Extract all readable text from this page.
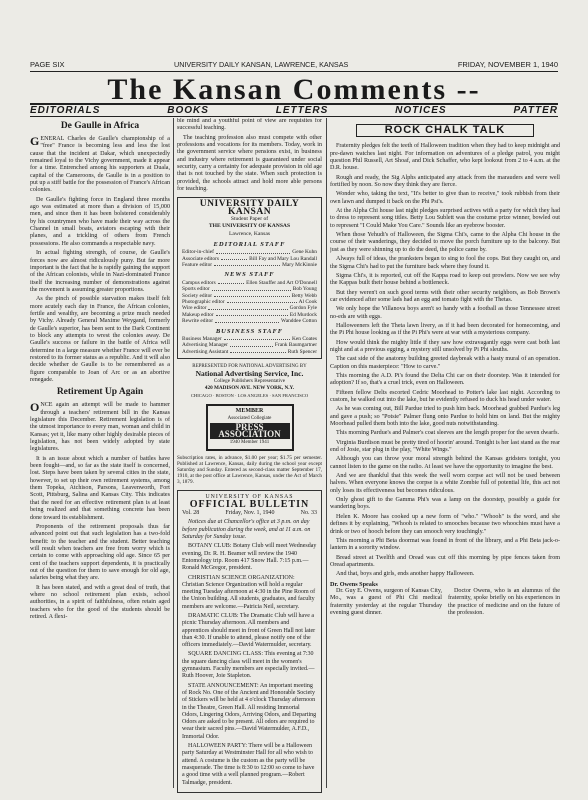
PAGE SIX	UNIVERSITY DAILY KANSAN, LAWRENCE, KANSAS	FRIDAY, NOVEMBER 1, 1940
The Kansan Comments --
EDITORIALS	BOOKS	LETTERS	NOTICES	PATTER
De Gaulle in Africa

GENERAL Charles de Gaulle's championship of a "free" France is becoming less and less the lost cause that the incident at Dakar, which unexpectedly remained loyal to the Vichy government, made it appear for a time. Entrenched among his supporters at Duala, capital of the Cameroons, de Gaulle is in a position to put up a stiff battle for the possession of France's African colonies.

De Gaulle's fighting force in England three months ago was estimated at more than a division of 15,000 men, and since then it has been bolstered considerably by his countrymen who have made their way across the Channel in small boats, aviators escaping with their planes, and a trickling of others from French possessions. He also commands a respectable navy.

In actual fighting strength, of course, de Gaulle's forces now are almost ridiculously puny. But far more important is the fact that he is rapidly gaining the support of the African colonists, while in Nazi-dominated France itself the increasing number of demonstrations against the movement is assuming greater proportions.

As the pinch of possible starvation makes itself felt more acutely each day in France, the African colonies, fertile and wealthy, are becoming a prize much needed by Vichy. Already General Maxime Weygand, formerly de Gaulle's superior, has been sent to the Dark Continent to block any attempts to wrest the colonies away. De Gaulle's success or failure in the battle of Africa will determine in a large measure whether France will ever be restored to its former status as a republic. And it will also decide whether de Gaulle is to be remembered as a figure comparable to Joan of Arc or as an abortive renegade.

Retirement Up Again

ONCE again an attempt will be made to hammer through a teachers' retirement bill in the Kansas legislature this December. Retirement legislation is of the utmost importance to every man, woman and child in Kansas; yet it, like many other highly desirable pieces of legislation, has not been widely adopted by state legislatures.

It is an issue about which a number of battles have been fought—and, so far as the state itself is concerned, lost. Steps have been taken by several cities in the state, however, to set up their own retirement systems, among them Topeka, Atchison, Parsons, Leavenworth, Fort Scott, Pittsburg, Salina and Kansas City. This indicates that the need for an effective retirement plan is at least being realized and that something concrete has been done toward its establishment.

Proponents of the retirement proposals thus far advanced point out that such legislation has a two-fold benefit: to the teacher and the student. Better teaching will result when teachers are free from worry which is certain to come with approaching old age. Since 65 per cent of the teachers support dependents, it is practically out of the question for them to save enough for old age, salaries being what they are.

It has been stated, and with a great deal of truth, that where no school retirement plan exists, school authorities, in a spirit of faithfulness, often retain aged teachers who for the good of the students should be retired. A flexi-

ble mind and a youthful point of view are requisites for successful teaching.

The teaching profession also must compete with other professions and vocations for its members. Today, work in the government service where pensions exist, in business and industry where retirement is guaranteed under social security, carry a certainty for adequate provision in old age that is not touched by the state. When such protection is provided, the schools attract and hold more able persons for teaching.

UNIVERSITY DAILY KANSAN
Student Paper of
THE UNIVERSITY OF KANSAS
Lawrence, Kansas
EDITORIAL STAFF
Editor-in-chief	Gene Kuhn
Associate editors	Bill Fay and Mary Lou Randall
Feature editor	Mary McKinnie
NEWS STAFF
Campus editors	Ellen Stauffer and Art O'Donnell
Sports editor	Bob Young
Society editor	Betty Webb
Photographic editor	Al Cook
Wire editor	Gordon Fyle
Makeup editor	Ed Murdock
Rewrite editor	Wanddee Cotton
BUSINESS STAFF
Business Manager	Ken Coates
Advertising Manager	Frank Baumgartner
Advertising Assistant	Ruth Spencer
REPRESENTED FOR NATIONAL ADVERTISING BY
National Advertising Service, Inc.
College Publishers Representative
420 MADISON AVE. NEW YORK, N.Y.
CHICAGO · BOSTON · LOS ANGELES · SAN FRANCISCO
MEMBER
Associated Collegiate
PRESS ASSOCIATION
1940 Member 1941

Subscription rates, in advance, $1.00 per year; $1.75 per semester. Published at Lawrence, Kansas, daily during the school year except Saturday and Sunday. Entered as second-class matter September 17, 1910, at the post office at Lawrence, Kansas, under the Act of March 3, 1879.

UNIVERSITY OF KANSAS
OFFICIAL BULLETIN
Vol. 28	Friday, Nov. 1, 1940	No. 33

Notices due at Chancellor's office at 3 p.m. on day before publication during the week, and at 11 a.m. on Saturday for Sunday issue.

BOTANY CLUB: Botany Club will meet Wednesday evening, Dr. R. H. Beamer will review the 1940 Entomology trip. Room 417 Snow Hall. 7:15 p.m.—Ronald McGregor, president.

CHRISTIAN SCIENCE ORGANIZATION: Christian Science Organization will hold a regular meeting Tuesday afternoon at 4:30 in the Pine Room of the Union building. All students, graduates, and faculty members are welcome.—Patricia Neil, secretary.

DRAMATIC CLUB: The Dramatic Club will have a picnic Thursday afternoon. All members and apprentices should meet in front of Green Hall not later than 4:30. If unable to attend, please notify one of the officers immediately.—David Watermulder, secretary.

SQUARE DANCING CLASS: This evening at 7:30 the square dancing class will meet in the women's gymnasium. Faculty members are especially invited.—Ruth Hoover, Joie Stapleton.

STATE ANNOUNCEMENT: An important meeting of Rock No. One of the Ancient and Honorable Society of Stickers will be held at 4 o'clock Thursday afternoon in the Theatre, Green Hall. All residing Immortal Odors, Lingering Odors, Arriving Odors, and Departing Odors are asked to be present. All odors are required to wear their sacred pins.—David Watermulder, A.F.D., Immortal Odor.

HALLOWEEN PARTY: There will be a Halloween party Saturday at Westminster Hall for all who wish to attend. A costume is the custom as the party will be masquerade. The time is 8:30 to 12:00 so come to have a good time with a well planned program.—Robert Talmadge, president.

ROCK CHALK TALK

Fraternity pledges felt the teeth of Halloween tradition when they had to keep midnight and pre-dawn watches last night. For information on adventures of a pledge patrol, you might question Phil Russell, Art Shoaf, and Dick Schaffer, who kept lookout from 2 to 4 a.m. at the D.R. house.

Rough and ready, the Sig Alphs anticipated any attack from the marauders and were well fortified by noon. So now they think they are fierce.

Wonder who, taking the text, "It's better to give than to receive," took rubbish from their own lawn and dumped it back on the Phi Psi's.

At the Alpha Chi house last night pledges surprised actives with a party for which they had to dress to represent song titles. Betty Lou Sublett was the costume prize winner, bowled out to represent "I Could Make You Care." Sounds like an eyebrow booster.

When those Yehudi's of Halloween, the Sigma Chi's, came to the Alpha Chi house in the course of their wanderings, they decided to move the porch furniture up to the balcony. But just as they were shinning up to do the deed, the police came by.

Always full of ideas, the pranksters began to sing to fool the cops. But they caught on, and the Sigma Chi's had to put the furniture back where they found it.

Sigma Chi's, it is reported, cut off the Kappa road to keep out prowlers. Now we see why the Kappas built their house behind a bottleneck.

But they weren't on such good terms with their other security neighbors, as Bob Brown's car evidenced after some lads had an egg and tomato fight with the Thetas.

We only hope the Villanova boys aren't so handy with a football as those Tennessee street no-eds are with eggs.

Halloweeners left the Theta lawn livery, as if it had been decorated for homecoming, and the Pi Phi house looking as if the Pi Phi's were at war with a mysterious company.

How would think the mighty little if they saw how extravagantly eggs were cast both last night and at a previous egging, a mystery still unsolved by Pi Phi sleuths.

The cast side of the anatomy building greeted daybreak with a hasty mural of an operation. Caption on this masterpiece: "How to carve."

This morning the A.D. Pi's found the Delta Chi car on their doorstep. Was it intended for adoption? If so, that's a cruel trick, even on Halloween.

Fifteen fellow Delts escorted Cedric Moorhead to Potter's lake last night. According to custom, he walked out into the lake, but he evidently refused to duck his head under water.

As he was coming out, Bill Pardue tried to push him back. Moorhead grabbed Pardue's leg and gave a push; so "Potsie" Palmer flung onto Pardue to hold him on land. But the mighty Moorhead pulled them both into the lake, good nuts notwithstanding.

This morning Pardue's and Palmer's coat sleeves are the length proper for the seven dwarfs.

Virginia Burdison must be pretty tired of hoorin' around. Tonight is her last stand as the rear end of Josie, star plug in the play, "White Wings."

Although you can throw your moral strength behind the Kansas gridsters tonight, you cannot listen to the game on the radio. At least we have the opportunity to imagine the best.

And we are thankful that this week the well worn corpse act will not be used between halves. When everyone knows the corpse is a white Zombie full of potential life, this act not only loses its effectiveness but becomes ridiculous.

Only ghost gift to the Gamma Phi's was a lamp on the doorstep, possibly a guide for wandering boys.

Helen K. Moore has cooked up a new form of "who." "Whooh" is the word, and she defines it by explaining, "Whooh is related to smooches because two whoochies must have a drink or two of hooch before they can smooch very touchingly."

This morning a Phi Beta doormat was found in front of the library, and a Phi Beta jack-o-lantern in a sorority window.

Bread street at Twelfth and Oread was cut off this morning by pipe fences taken from Oread apartments.

And that, boys and girls, ends another happy Halloween.

Dr. Owens Speaks

Dr. Guy E. Owens, surgeon of Kansas City, Mo., was a guest of Phi Chi medical fraternity yesterday at the regular Thursday evening guest dinner.

Doctor Owens, who is an alumnus of the fraternity, spoke briefly on his experiences in the practice of medicine and on the future of the profession.
